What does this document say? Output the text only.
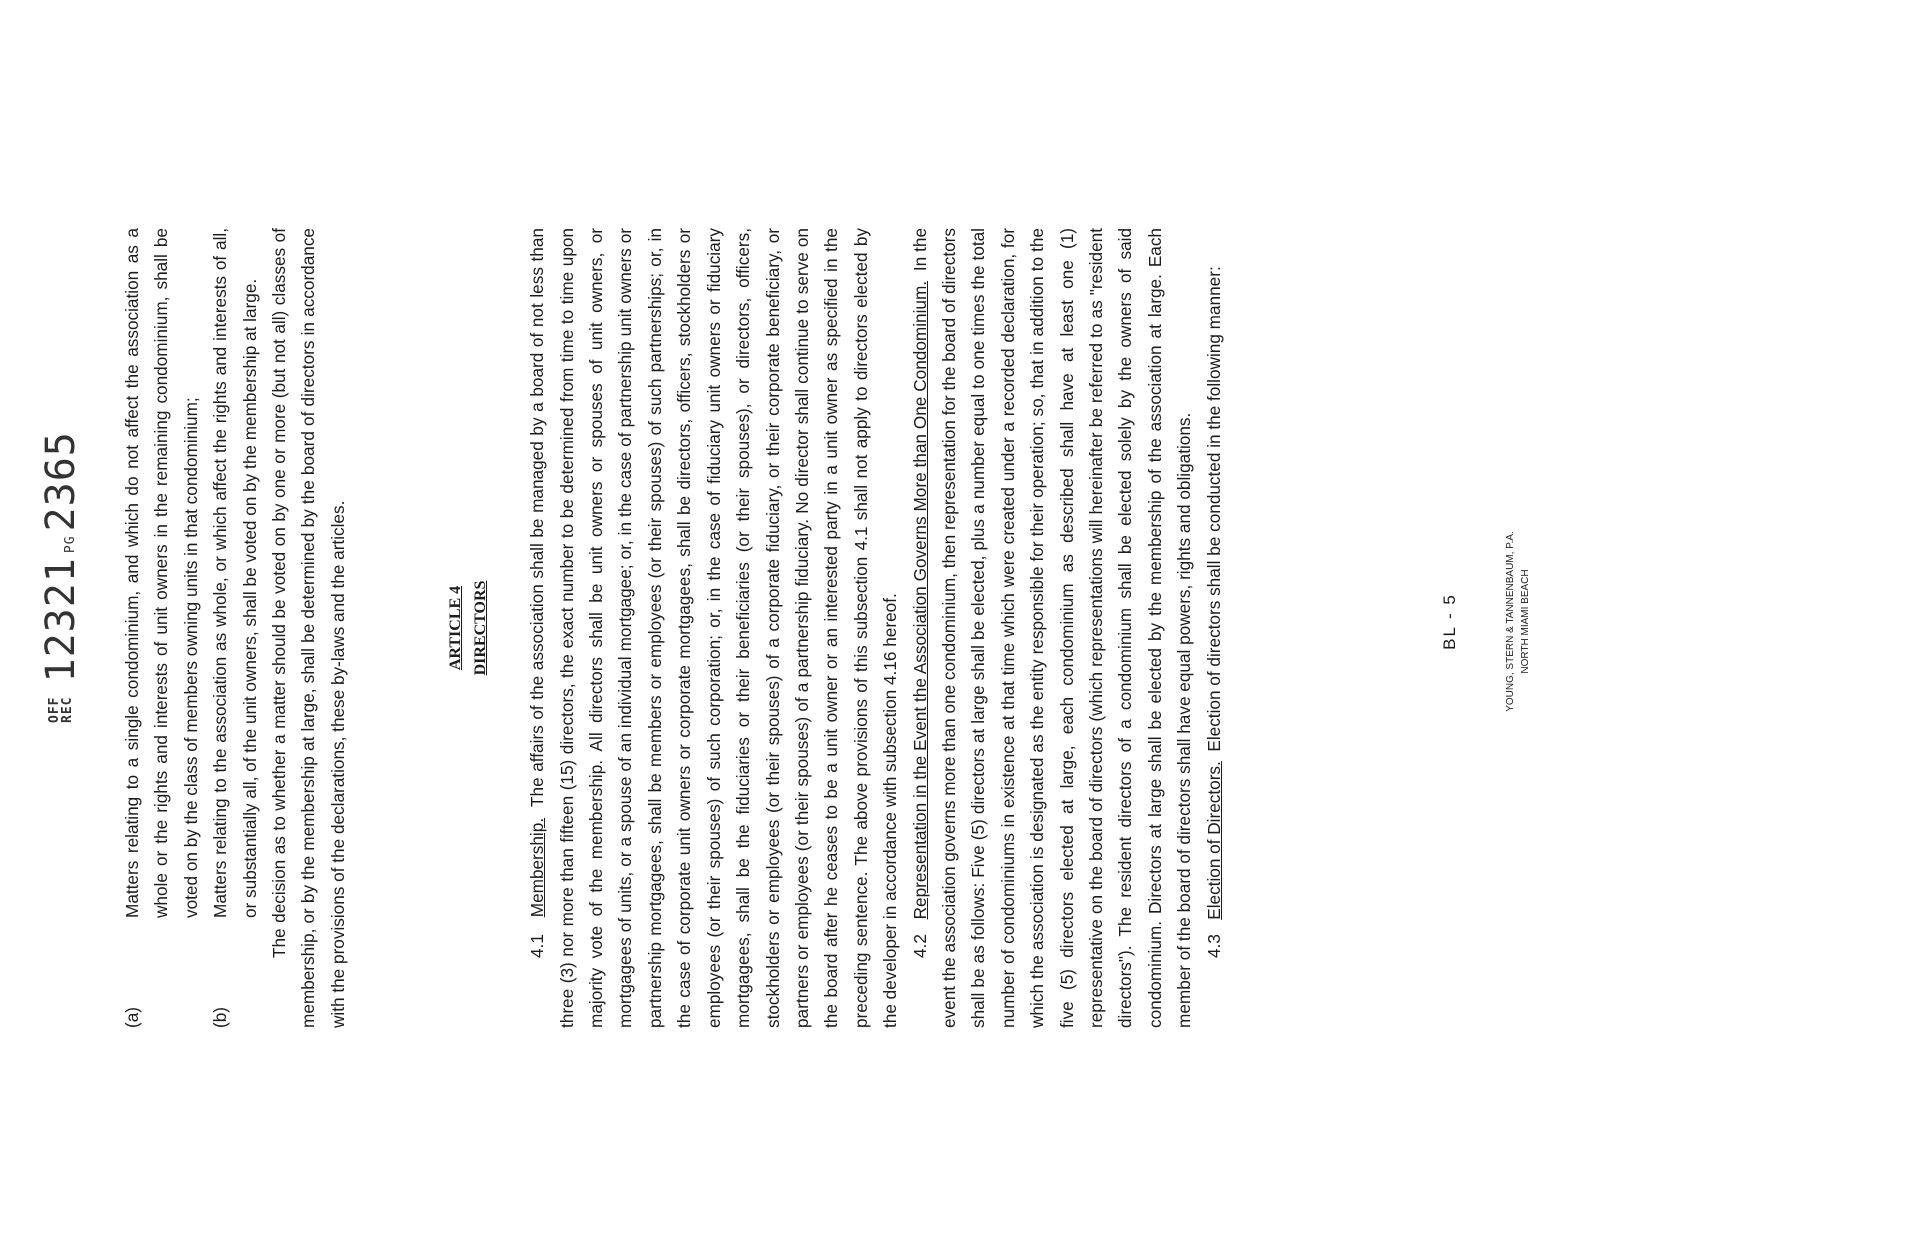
OFF
REC
12321PG2365
(a)
Matters relating to a single condominium, and which do not affect the association as a whole or the rights and interests of unit owners in the remaining condominium, shall be voted on by the class of members owning units in that condominium;
(b)
Matters relating to the association as whole, or which affect the rights and interests of all, or substantially all, of the unit owners, shall be voted on by the membership at large. The decision as to whether a matter should be voted on by one or more (but not all) classes of membership, or by the membership at large, shall be determined by the board of directors in accordance with the provisions of the declarations, these by-laws and the articles.	ARTICLE 4 DIRECTORS

4.1   Membership.  The affairs of the association shall be managed by a board of not less than three (3) nor more than fifteen (15) directors, the exact number to be determined from time to time upon majority vote of the membership. All directors shall be unit owners or spouses of unit owners, or mortgagees of units, or a spouse of an individual mortgagee; or, in the case of partnership unit owners or partnership mortgagees, shall be members or employees (or their spouses) of such partnerships; or, in the case of corporate unit owners or corporate mortgagees, shall be directors, officers, stockholders or employees (or their spouses) of such corporation; or, in the case of fiduciary unit owners or fiduciary mortgagees, shall be the fiduciaries or their beneficiaries (or their spouses), or directors, officers, stockholders or employees (or their spouses) of a corporate fiduciary, or their corporate beneficiary, or partners or employees (or their spouses) of a partnership fiduciary. No director shall continue to serve on the board after he ceases to be a unit owner or an interested party in a unit owner as specified in the preceding sentence. The above provisions of this subsection 4.1 shall not apply to directors elected by the developer in accordance with subsection 4.16 hereof. 4.2   Representation in the Event the Association Governs More than One Condominium.  In the event the association governs more than one condominium, then representation for the board of directors shall be as follows: Five (5) directors at large shall be elected, plus a number equal to one times the total number of condominiums in existence at that time which were created under a recorded declaration, for which the association is designated as the entity responsible for their operation; so, that in addition to the five (5) directors elected at large, each condominium as described shall have at least one (1) representative on the board of directors (which representations will hereinafter be referred to as "resident directors"). The resident directors of a condominium shall be elected solely by the owners of said condominium. Directors at large shall be elected by the membership of the association at large. Each member of the board of directors shall have equal powers, rights and obligations. 4.3   Election of Directors.  Election of directors shall be conducted in the following manner:	BL - 5	YOUNG, STERN & TANNENBAUM, P.A. NORTH MIAMI BEACH
